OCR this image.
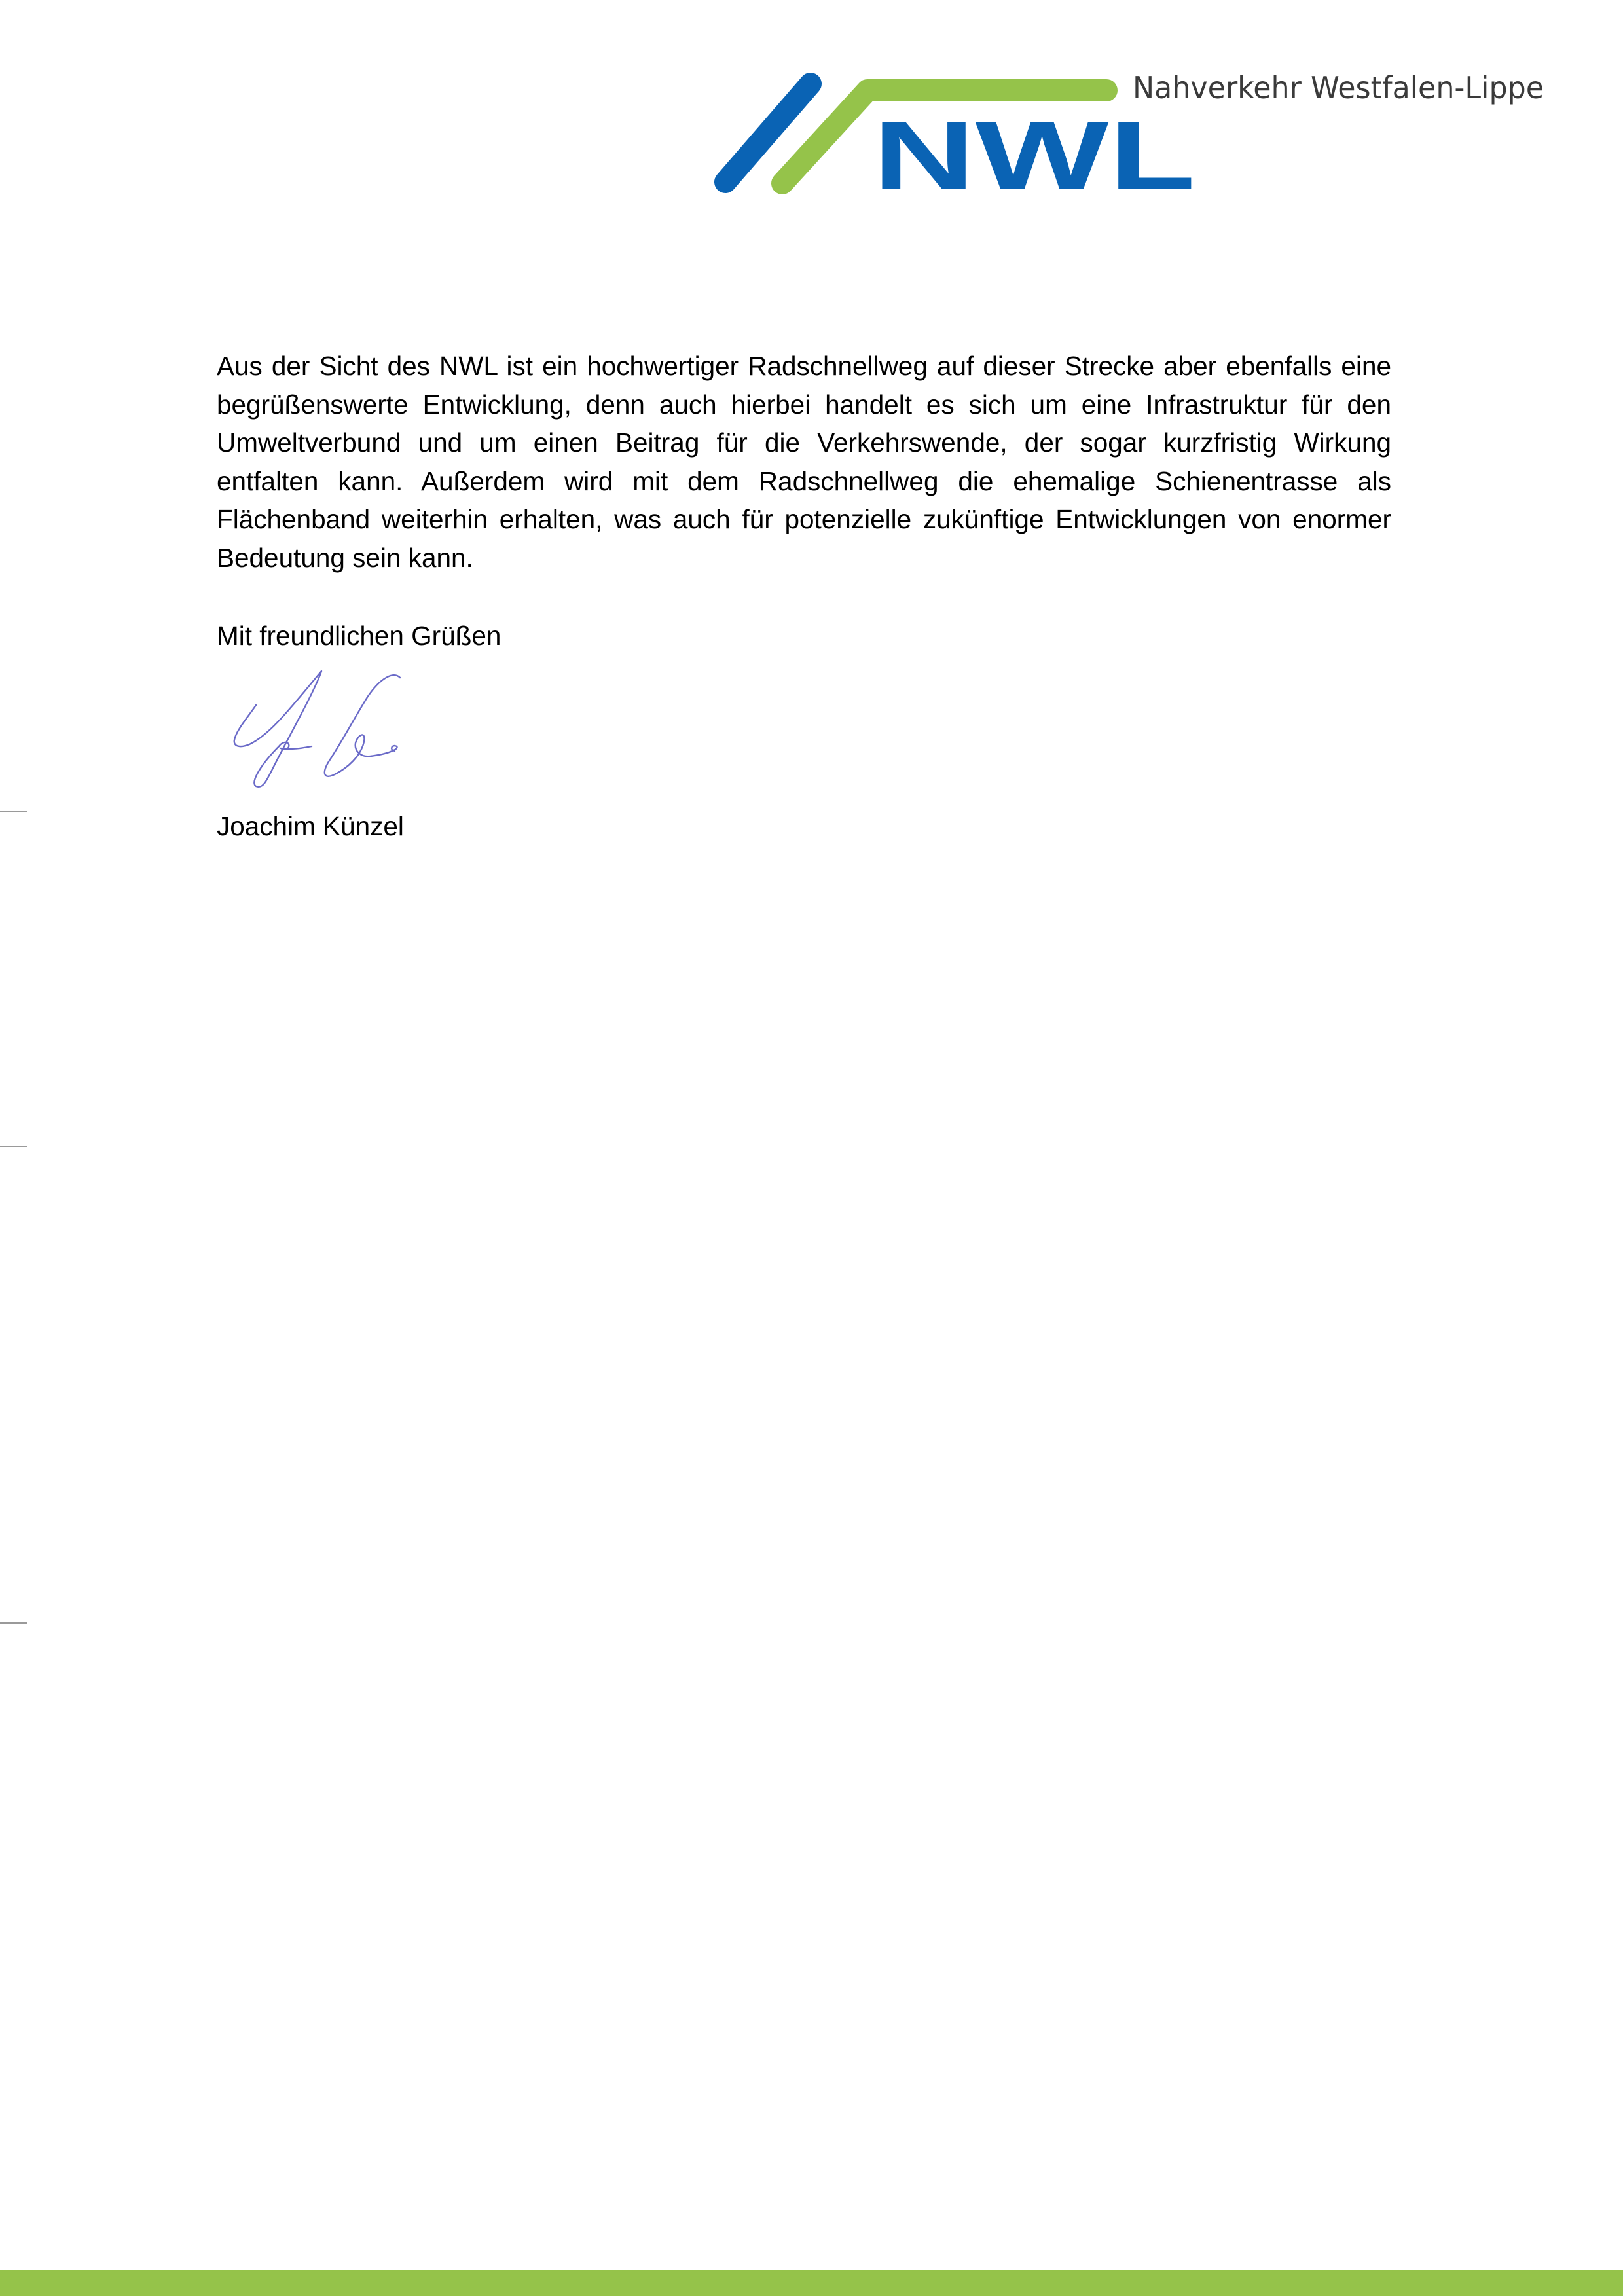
NWL
Nahverkehr Westfalen-Lippe

Aus der Sicht des NWL ist ein hochwertiger Radschnellweg auf dieser Strecke aber ebenfalls eine begrüßenswerte Entwicklung, denn auch hierbei handelt es sich um eine Infrastruktur für den Umweltverbund und um einen Beitrag für die Verkehrswende, der sogar kurzfristig Wirkung entfalten kann. Außerdem wird mit dem Radschnellweg die ehemalige Schienentrasse als Flächenband weiterhin erhalten, was auch für potenzielle zukünftige Entwicklungen von enormer Bedeutung sein kann.

Mit freundlichen Grüßen

Joachim Künzel
